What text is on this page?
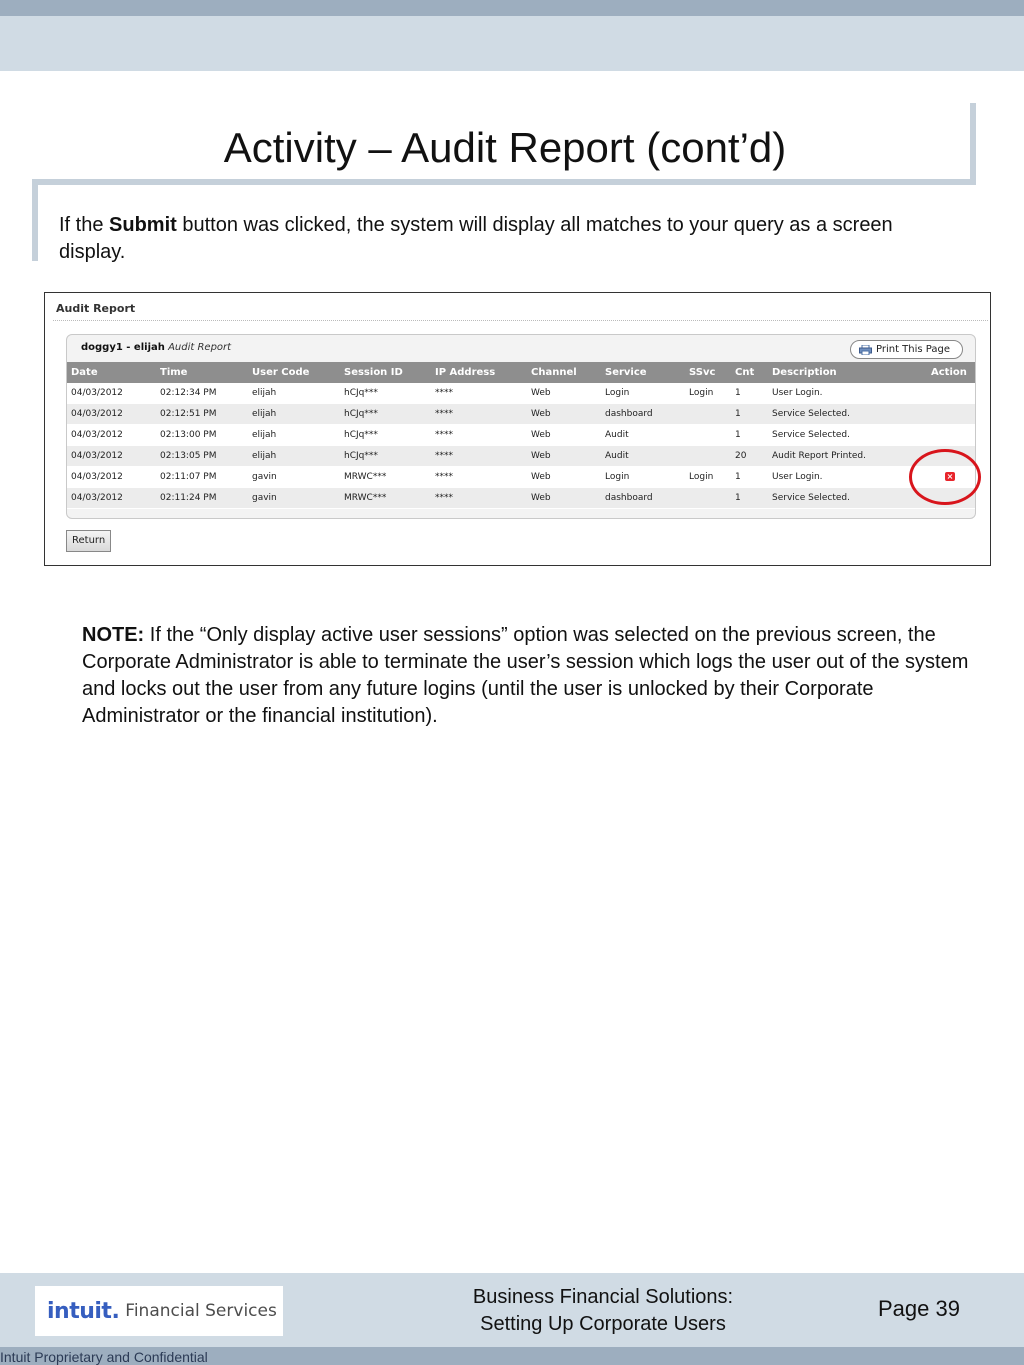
Activity – Audit Report (cont’d)
If the Submit button was clicked, the system will display all matches to your query as a screen display.
Audit Report
doggy1 - elijah Audit Report	Print This Page
Date	Time	User Code	Session ID	IP Address	Channel	Service	SSvc	Cnt	Description	Action
04/03/2012	02:12:34 PM	elijah	hCJq***	****	Web	Login	Login	1	User Login.	
04/03/2012	02:12:51 PM	elijah	hCJq***	****	Web	dashboard		1	Service Selected.	
04/03/2012	02:13:00 PM	elijah	hCJq***	****	Web	Audit		1	Service Selected.	
04/03/2012	02:13:05 PM	elijah	hCJq***	****	Web	Audit		20	Audit Report Printed.	
04/03/2012	02:11:07 PM	gavin	MRWC***	****	Web	Login	Login	1	User Login.	×
04/03/2012	02:11:24 PM	gavin	MRWC***	****	Web	dashboard		1	Service Selected.	
Return
NOTE: If the “Only display active user sessions” option was selected on the previous screen, the Corporate Administrator is able to terminate the user’s session which logs the user out of the system and locks out the user from any future logins (until the user is unlocked by their Corporate Administrator or the financial institution).
intuit. Financial Services
Business Financial Solutions:
Setting Up Corporate Users
Page 39
Intuit Proprietary and Confidential
